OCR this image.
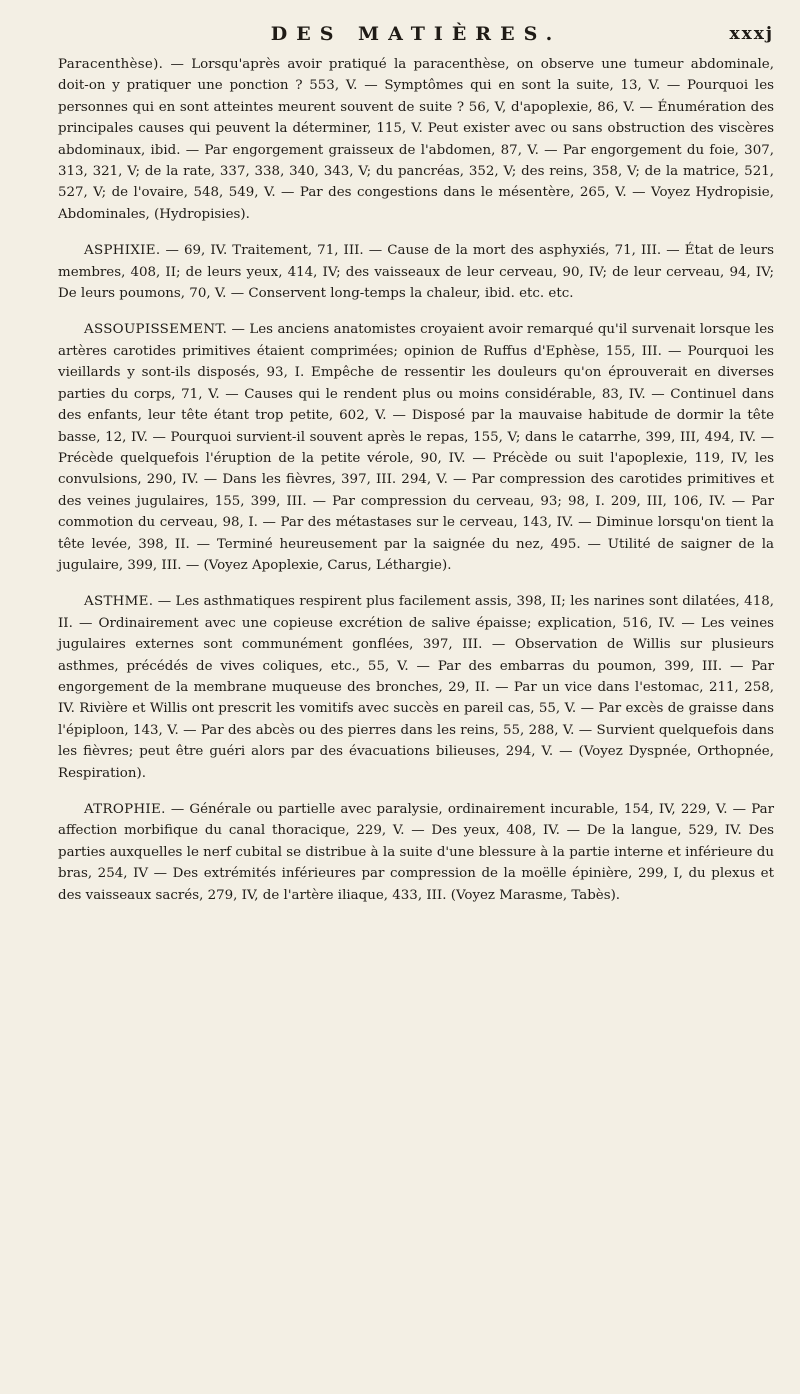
DES MATIÈRES.	xxxj

Paracenthèse). — Lorsqu'après avoir pratiqué la paracenthèse, on observe une tumeur abdominale, doit-on y pratiquer une ponction ? 553, V. — Symptômes qui en sont la suite, 13, V. — Pourquoi les personnes qui en sont atteintes meurent souvent de suite ? 56, V, d'apoplexie, 86, V. — Énumération des principales causes qui peuvent la déterminer, 115, V. Peut exister avec ou sans obstruction des viscères abdominaux, ibid. — Par engorgement graisseux de l'abdomen, 87, V. — Par engorgement du foie, 307, 313, 321, V; de la rate, 337, 338, 340, 343, V; du pancréas, 352, V; des reins, 358, V; de la matrice, 521, 527, V; de l'ovaire, 548, 549, V. — Par des congestions dans le mésentère, 265, V. — Voyez Hydropisie, Abdominales, (Hydropisies).

ASPHIXIE. — 69, IV. Traitement, 71, III. — Cause de la mort des asphyxiés, 71, III. — État de leurs membres, 408, II; de leurs yeux, 414, IV; des vaisseaux de leur cerveau, 90, IV; de leur cerveau, 94, IV; De leurs poumons, 70, V. — Conservent long-temps la chaleur, ibid. etc. etc.

ASSOUPISSEMENT. — Les anciens anatomistes croyaient avoir remarqué qu'il survenait lorsque les artères carotides primitives étaient comprimées; opinion de Ruffus d'Ephèse, 155, III. — Pourquoi les vieillards y sont-ils disposés, 93, I. Empêche de ressentir les douleurs qu'on éprouverait en diverses parties du corps, 71, V. — Causes qui le rendent plus ou moins considérable, 83, IV. — Continuel dans des enfants, leur tête étant trop petite, 602, V. — Disposé par la mauvaise habitude de dormir la tête basse, 12, IV. — Pourquoi survient-il souvent après le repas, 155, V; dans le catarrhe, 399, III, 494, IV. — Précède quelquefois l'éruption de la petite vérole, 90, IV. — Précède ou suit l'apoplexie, 119, IV, les convulsions, 290, IV. — Dans les fièvres, 397, III. 294, V. — Par compression des carotides primitives et des veines jugulaires, 155, 399, III. — Par compression du cerveau, 93; 98, I. 209, III, 106, IV. — Par commotion du cerveau, 98, I. — Par des métastases sur le cerveau, 143, IV. — Diminue lorsqu'on tient la tête levée, 398, II. — Terminé heureusement par la saignée du nez, 495. — Utilité de saigner de la jugulaire, 399, III. — (Voyez Apoplexie, Carus, Léthargie).

ASTHME. — Les asthmatiques respirent plus facilement assis, 398, II; les narines sont dilatées, 418, II. — Ordinairement avec une copieuse excrétion de salive épaisse; explication, 516, IV. — Les veines jugulaires externes sont communément gonflées, 397, III. — Observation de Willis sur plusieurs asthmes, précédés de vives coliques, etc., 55, V. — Par des embarras du poumon, 399, III. — Par engorgement de la membrane muqueuse des bronches, 29, II. — Par un vice dans l'estomac, 211, 258, IV. Rivière et Willis ont prescrit les vomitifs avec succès en pareil cas, 55, V. — Par excès de graisse dans l'épiploon, 143, V. — Par des abcès ou des pierres dans les reins, 55, 288, V. — Survient quelquefois dans les fièvres; peut être guéri alors par des évacuations bilieuses, 294, V. — (Voyez Dyspnée, Orthopnée, Respiration).

ATROPHIE. — Générale ou partielle avec paralysie, ordinairement incurable, 154, IV, 229, V. — Par affection morbifique du canal thoracique, 229, V. — Des yeux, 408, IV. — De la langue, 529, IV. Des parties auxquelles le nerf cubital se distribue à la suite d'une blessure à la partie interne et inférieure du bras, 254, IV — Des extrémités inférieures par compression de la moëlle épinière, 299, I, du plexus et des vaisseaux sacrés, 279, IV, de l'artère iliaque, 433, III. (Voyez Marasme, Tabès).
